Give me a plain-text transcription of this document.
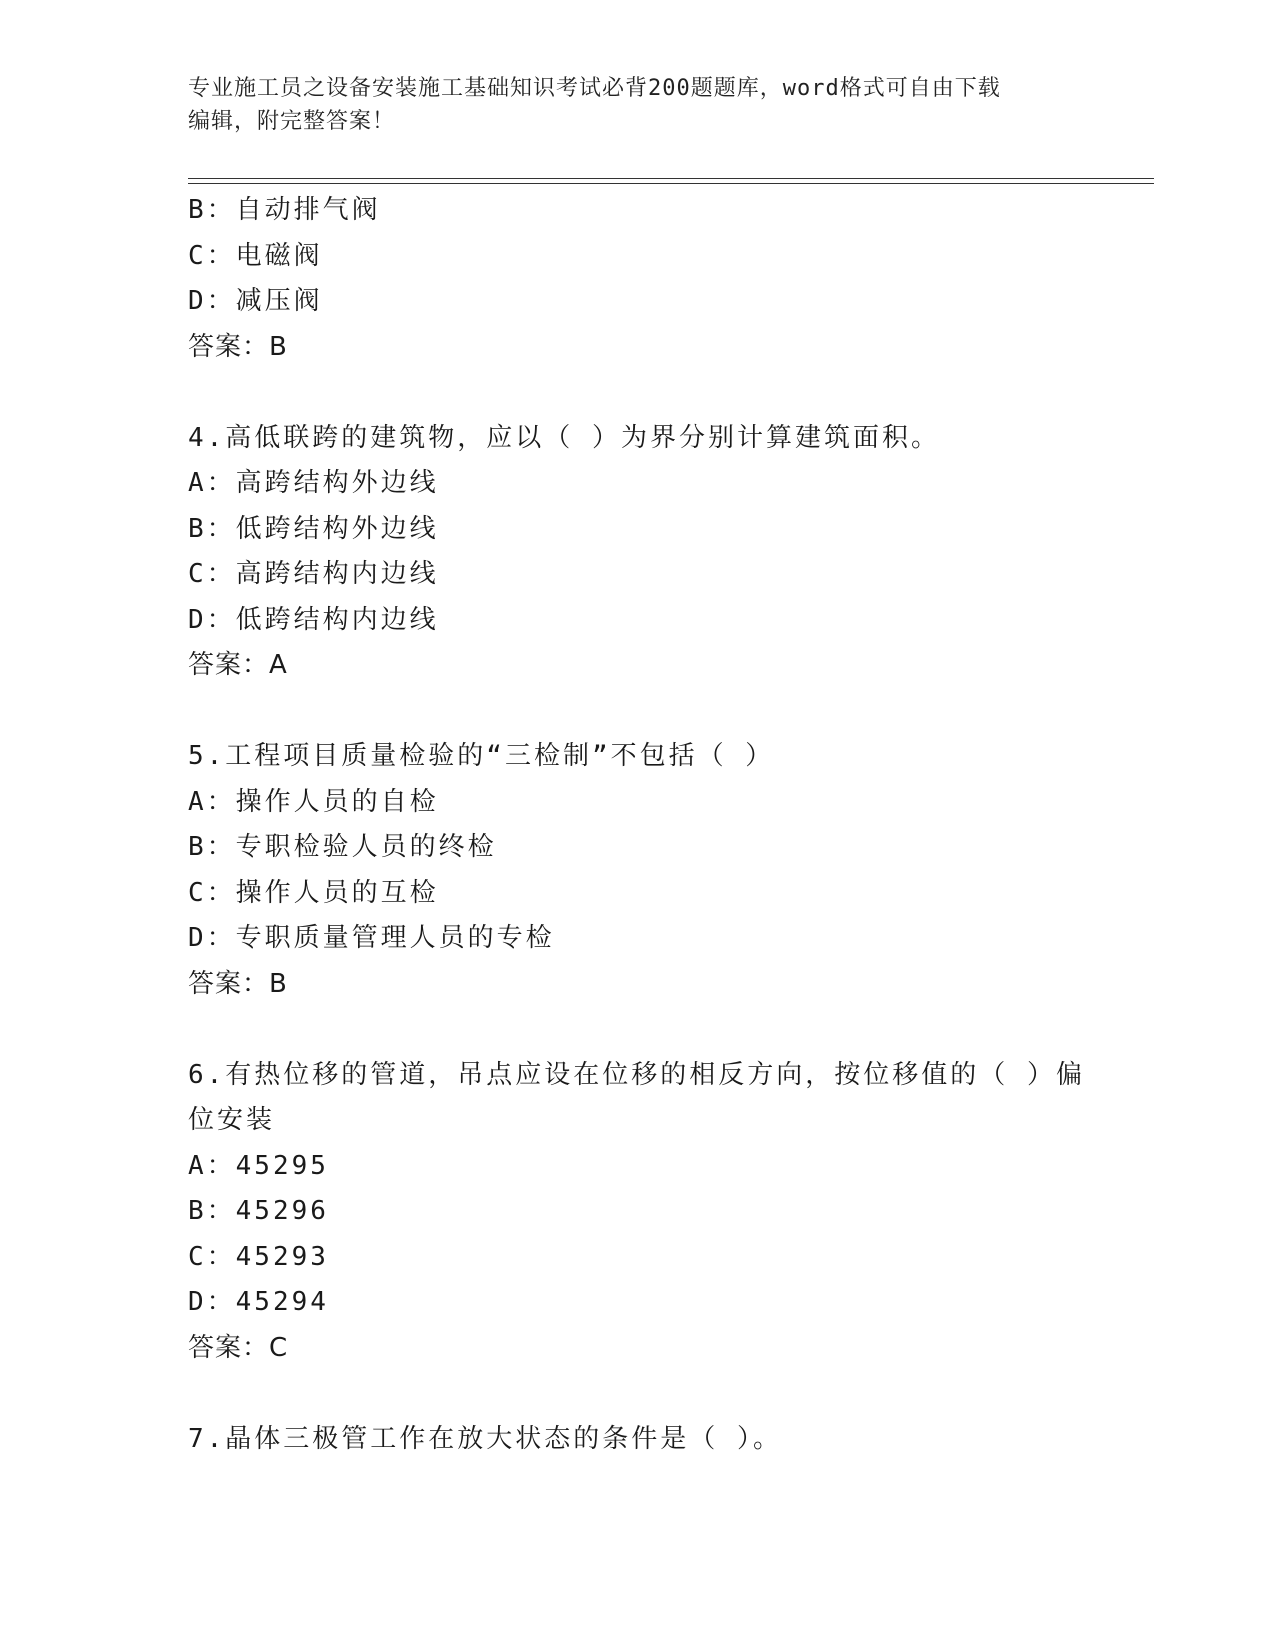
专业施工员之设备安装施工基础知识考试必背200题题库，word格式可自由下载
编辑，附完整答案！
B：自动排气阀
C：电磁阀
D：减压阀
答案：B
4.高低联跨的建筑物，应以（ ）为界分别计算建筑面积。
A：高跨结构外边线
B：低跨结构外边线
C：高跨结构内边线
D：低跨结构内边线
答案：A
5.工程项目质量检验的“三检制”不包括（ ）
A：操作人员的自检
B：专职检验人员的终检
C：操作人员的互检
D：专职质量管理人员的专检
答案：B
6.有热位移的管道，吊点应设在位移的相反方向，按位移值的（ ）偏
位安装
A：45295
B：45296
C：45293
D：45294
答案：C
7.晶体三极管工作在放大状态的条件是（ ）。
